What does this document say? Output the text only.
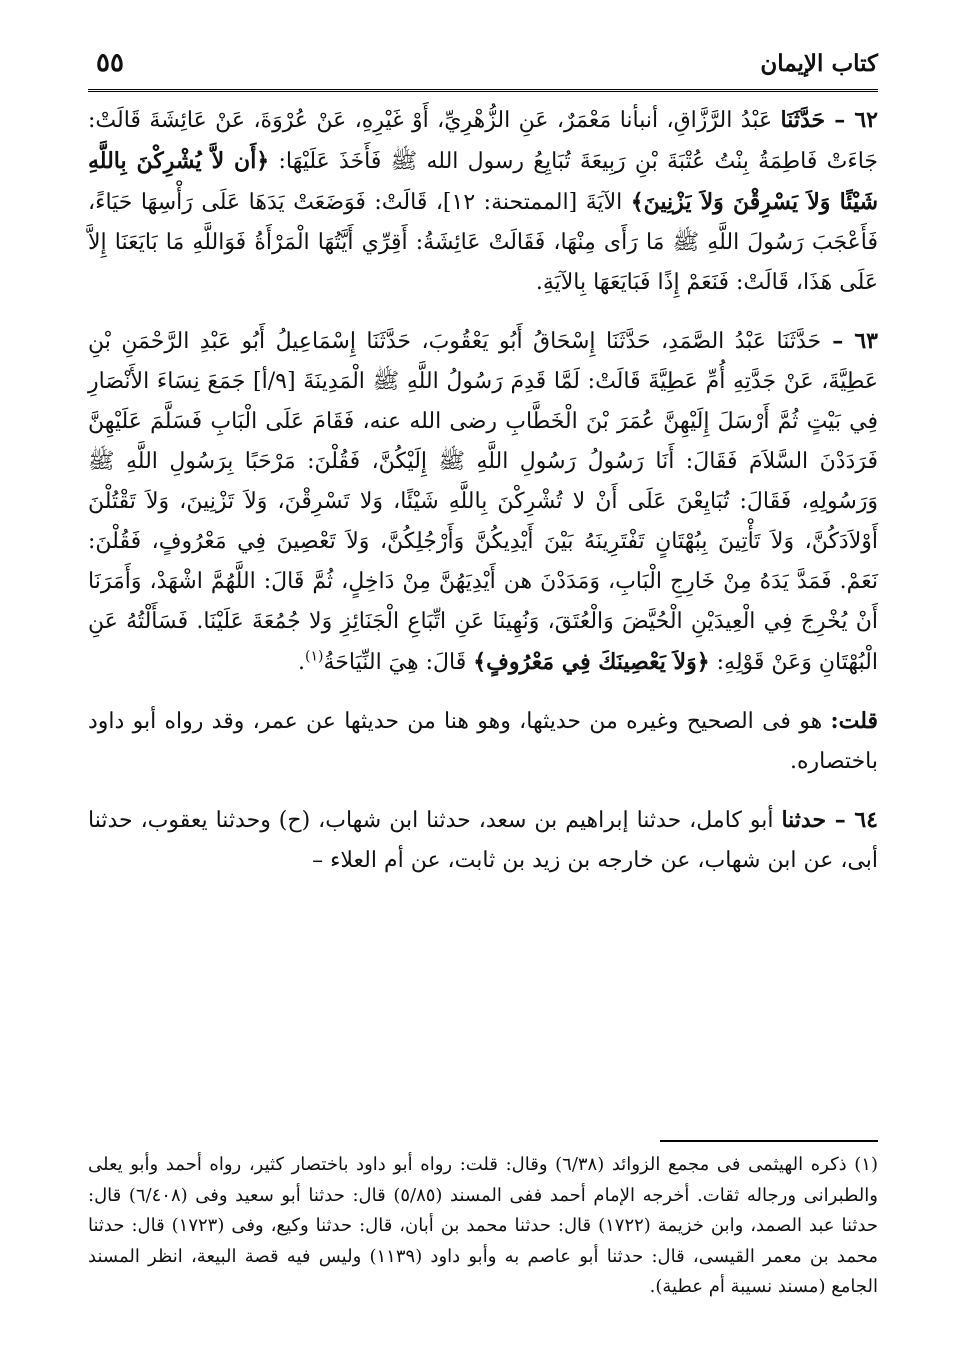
كتاب الإيمان
٥٥

٦٢ – حَدَّثَنَا عَبْدُ الرَّزَّاقِ، أنبأنا مَعْمَرٌ، عَنِ الزُّهْرِيِّ، أَوْ غَيْرِهِ، عَنْ عُرْوَةَ، عَنْ عَائِشَةَ قَالَتْ: جَاءَتْ فَاطِمَةُ بِنْتُ عُتْبَةَ بْنِ رَبِيعَةَ تُبَايِعُ رسول الله ﷺ فَأَخَذَ عَلَيْهَا: ﴿أَن لاَّ يُشْرِكْنَ بِاللَّهِ شَيْئًا وَلاَ يَسْرِقْنَ وَلاَ يَزْنِينَ﴾ الآيَةَ [الممتحنة: ١٢]، قَالَتْ: فَوَضَعَتْ يَدَهَا عَلَى رَأْسِهَا حَيَاءً، فَأَعْجَبَ رَسُولَ اللَّهِ ﷺ مَا رَأَى مِنْهَا، فَقَالَتْ عَائِشَةُ: أَقِرِّي أَيَّتُهَا الْمَرْأَةُ فَوَاللَّهِ مَا بَايَعَنَا إِلاَّ عَلَى هَذَا، قَالَتْ: فَنَعَمْ إِذًا فَبَايَعَهَا بِالآيَةِ.

٦٣ – حَدَّثَنَا عَبْدُ الصَّمَدِ، حَدَّثَنَا إِسْحَاقُ أَبُو يَعْقُوبَ، حَدَّثَنَا إِسْمَاعِيلُ أَبُو عَبْدِ الرَّحْمَنِ بْنِ عَطِيَّةَ، عَنْ جَدَّتِهِ أُمِّ عَطِيَّةَ قَالَتْ: لَمَّا قَدِمَ رَسُولُ اللَّهِ ﷺ الْمَدِينَةَ [٩/أ] جَمَعَ نِسَاءَ الأَنْصَارِ فِي بَيْتٍ ثُمَّ أَرْسَلَ إِلَيْهِنَّ عُمَرَ بْنَ الْخَطَّابِ رضى الله عنه، فَقَامَ عَلَى الْبَابِ فَسَلَّمَ عَلَيْهِنَّ فَرَدَدْنَ السَّلاَمَ فَقَالَ: أَنَا رَسُولُ رَسُولِ اللَّهِ ﷺ إِلَيْكُنَّ، فَقُلْنَ: مَرْحَبًا بِرَسُولِ اللَّهِ ﷺ وَرَسُولِهِ، فَقَالَ: تُبَايِعْنَ عَلَى أَنْ لا تُشْرِكْنَ بِاللَّهِ شَيْئًا، وَلا تَسْرِقْنَ، وَلاَ تَزْنِينَ، وَلاَ تَقْتُلْنَ أَوْلاَدَكُنَّ، وَلاَ تَأْتِينَ بِبُهْتَانٍ تَفْتَرِينَهُ بَيْنَ أَيْدِيكُنَّ وَأَرْجُلِكُنَّ، وَلاَ تَعْصِينَ فِي مَعْرُوفٍ، فَقُلْنَ: نَعَمْ. فَمَدَّ يَدَهُ مِنْ خَارِجِ الْبَابِ، وَمَدَدْنَ هن أَيْدِيَهُنَّ مِنْ دَاخِلٍ، ثُمَّ قَالَ: اللَّهُمَّ اشْهَدْ، وَأَمَرَنَا أَنْ يُخْرِجَ فِي الْعِيدَيْنِ الْحُيَّضَ وَالْعُتَقَ، وَنُهِينَا عَنِ اتِّبَاعِ الْجَنَائِزِ وَلا جُمُعَةَ عَلَيْنَا. فَسَأَلْتُهُ عَنِ الْبُهْتَانِ وَعَنْ قَوْلِهِ: ﴿وَلاَ يَعْصِينَكَ فِي مَعْرُوفٍ﴾ قَالَ: هِيَ النِّيَاحَةُ$^{(١)}$.

قلت: هو فى الصحيح وغيره من حديثها، وهو هنا من حديثها عن عمر، وقد رواه أبو داود باختصاره.

٦٤ – حدثنا أبو كامل، حدثنا إبراهيم بن سعد، حدثنا ابن شهاب، (ح) وحدثنا يعقوب، حدثنا أبى، عن ابن شهاب، عن خارجه بن زيد بن ثابت، عن أم العلاء –

(١) ذكره الهيثمى فى مجمع الزوائد (٦/٣٨) وقال: قلت: رواه أبو داود باختصار كثير، رواه أحمد وأبو يعلى والطبرانى ورجاله ثقات. أخرجه الإمام أحمد ففى المسند (٥/٨٥) قال: حدثنا أبو سعيد وفى (٦/٤٠٨) قال: حدثنا عبد الصمد، وابن خزيمة (١٧٢٢) قال: حدثنا محمد بن أبان، قال: حدثنا وكيع، وفى (١٧٢٣) قال: حدثنا محمد بن معمر القيسى، قال: حدثنا أبو عاصم به وأبو داود (١١٣٩) وليس فيه قصة البيعة، انظر المسند الجامع (مسند نسيبة أم عطية).
